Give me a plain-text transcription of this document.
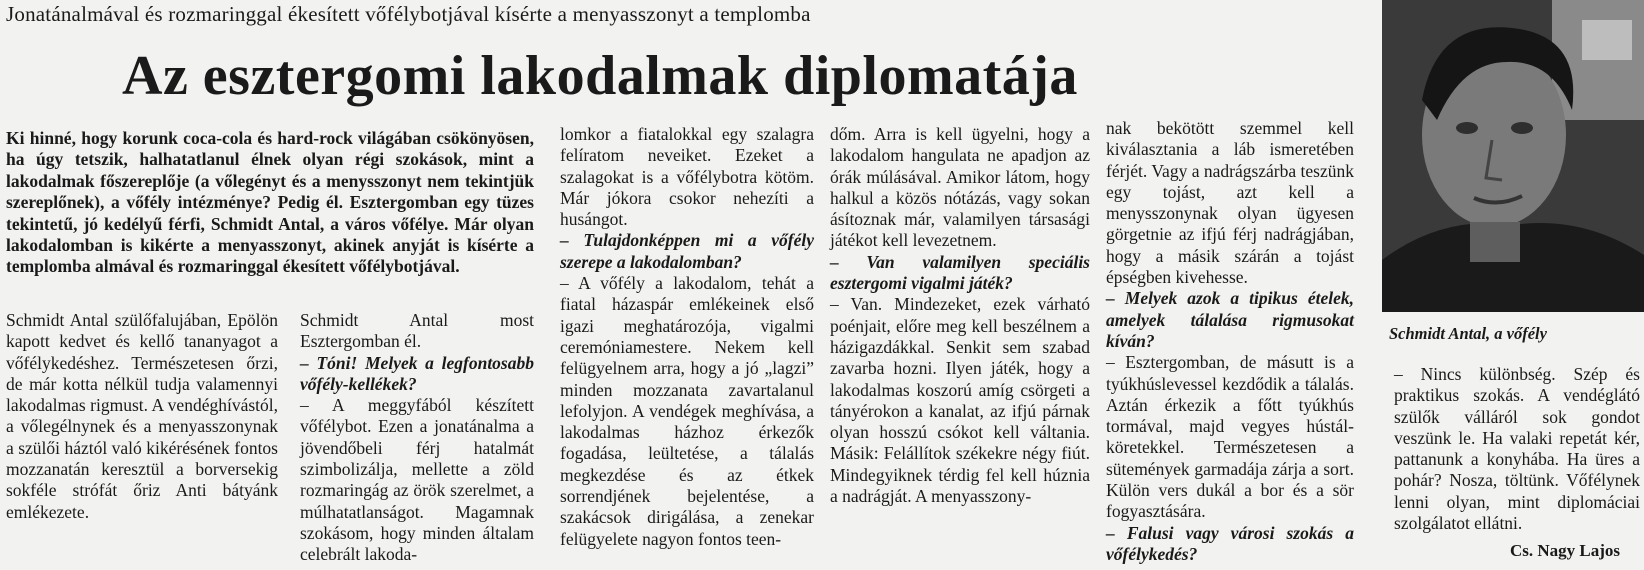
Jonatánalmával és rozmaringgal ékesített vőfélybotjával kísérte a menyasszonyt a templomba
Az esztergomi lakodalmak diplomatája

Ki hinné, hogy korunk coca-cola és hard-rock világában csökönyösen, ha úgy tetszik, halhatatlanul élnek olyan régi szokások, mint a lakodalmak főszereplője (a vőlegényt és a menysszonyt nem tekintjük szereplőnek), a vőfély intézménye? Pedig él. Esztergomban egy tüzes tekintetű, jó kedélyű férfi, Schmidt Antal, a város vőfélye. Már olyan lakodalomban is kikérte a menyasszonyt, akinek anyját is kísérte a templomba almával és rozmaringgal ékesített vőfélybotjával.

Schmidt Antal szülőfalujában, Epölön kapott kedvet és kellő tananyagot a vőfélykedéshez. Természetesen őrzi, de már kotta nélkül tudja valamennyi lakodalmas rigmust. A vendéghívástól, a vőlegélnynek és a menyasszonynak a szülői háztól való kikérésének fontos mozzanatán keresztül a borversekig sokféle strófát őriz Anti bátyánk emlékezete.

Schmidt Antal most Esztergomban él.

– Tóni! Melyek a legfontosabb vőfély-kellékek?

– A meggyfából készített vőfélybot. Ezen a jonatánalma a jövendőbeli férj hatalmát szimbolizálja, mellette a zöld rozmaringág az örök szerelmet, a múlhatatlanságot. Magamnak szokásom, hogy minden általam celebrált lakoda-

lomkor a fiatalokkal egy szalagra felíratom neveiket. Ezeket a szalagokat is a vőfélybotra kötöm. Már jókora csokor nehezíti a husángot.

– Tulajdonképpen mi a vőfély szerepe a lakodalomban?

– A vőfély a lakodalom, tehát a fiatal házaspár emlékeinek első igazi meghatározója, vigalmi ceremóniamestere. Nekem kell felügyelnem arra, hogy a jó „lagzi” minden mozzanata zavartalanul lefolyjon. A vendégek meghívása, a lakodalmas házhoz érkezők fogadása, leültetése, a tálalás megkezdése és az étkek sorrendjének bejelentése, a szakácsok dirigálása, a zenekar felügyelete nagyon fontos teen-

dőm. Arra is kell ügyelni, hogy a lakodalom hangulata ne apadjon az órák múlásával. Amikor látom, hogy halkul a közös nótázás, vagy sokan ásítoznak már, valamilyen társasági játékot kell levezetnem.

– Van valamilyen speciális esztergomi vigalmi játék?

– Van. Mindezeket, ezek várható poénjait, előre meg kell beszélnem a házigazdákkal. Senkit sem szabad zavarba hozni. Ilyen játék, hogy a lakodalmas koszorú amíg csörgeti a tányérokon a kanalat, az ifjú párnak olyan hosszú csókot kell váltania. Másik: Felállítok székekre négy fiút. Mindegyiknek térdig fel kell húznia a nadrágját. A menyasszony-

nak bekötött szemmel kell kiválasztania a láb ismeretében férjét. Vagy a nadrágszárba teszünk egy tojást, azt kell a menysszonynak olyan ügyesen görgetnie az ifjú férj nadrágjában, hogy a másik szárán a tojást épségben kivehesse.

– Melyek azok a tipikus ételek, amelyek tálalása rigmusokat kíván?

– Esztergomban, de másutt is a tyúkhúslevessel kezdődik a tálalás. Aztán érkezik a főtt tyúkhús tormával, majd vegyes hústál-köretekkel. Természetesen a sütemények garmadája zárja a sort. Külön vers dukál a bor és a sör fogyasztására.

– Falusi vagy városi szokás a vőfélykedés?

Schmidt Antal, a vőfély

– Nincs különbség. Szép és praktikus szokás. A vendéglátó szülők válláról sok gondot veszünk le. Ha valaki repetát kér, pattanunk a konyhába. Ha üres a pohár? Nosza, töltünk. Vőfélynek lenni olyan, mint diplomáciai szolgálatot ellátni.

Cs. Nagy Lajos
